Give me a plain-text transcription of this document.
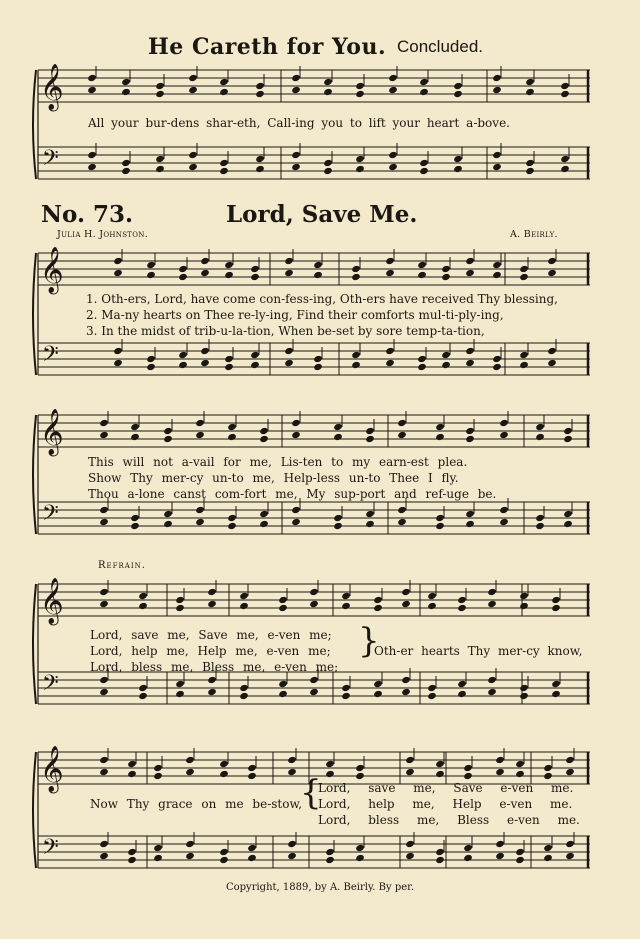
He Careth for You. Concluded.
𝄞
𝄢
𝄞
𝄢
𝄞
𝄢
𝄞
𝄢
𝄞
𝄢
All your bur-dens shar-eth, Call-ing you to lift your heart a-bove.
No. 73.	Lord, Save Me.
Julia H. Johnston.	A. Beirly.
1. Oth-ers, Lord, have come con-fess-ing, Oth-ers have received Thy blessing,
2. Ma-ny hearts on Thee re-ly-ing, Find their comforts mul-ti-ply-ing,
3. In the midst of trib-u-la-tion, When be-set by sore temp-ta-tion,
This will not a-vail for me, Lis-ten to my earn-est plea.
Show Thy mer-cy un-to me, Help-less un-to Thee I fly.
Thou a-lone canst com-fort me, My sup-port and ref-uge be.
Refrain.
Lord, save me, Save me, e-ven me;
Lord, help me, Help me, e-ven me;
Lord, bless me, Bless me, e-ven me;
}
Oth-er hearts Thy mer-cy know,
Now Thy grace on me be-stow,
{
Lord, save me, Save e-ven me.
Lord, help me, Help e-ven me.
Lord, bless me, Bless e-ven me.
Copyright, 1889, by A. Beirly. By per.
